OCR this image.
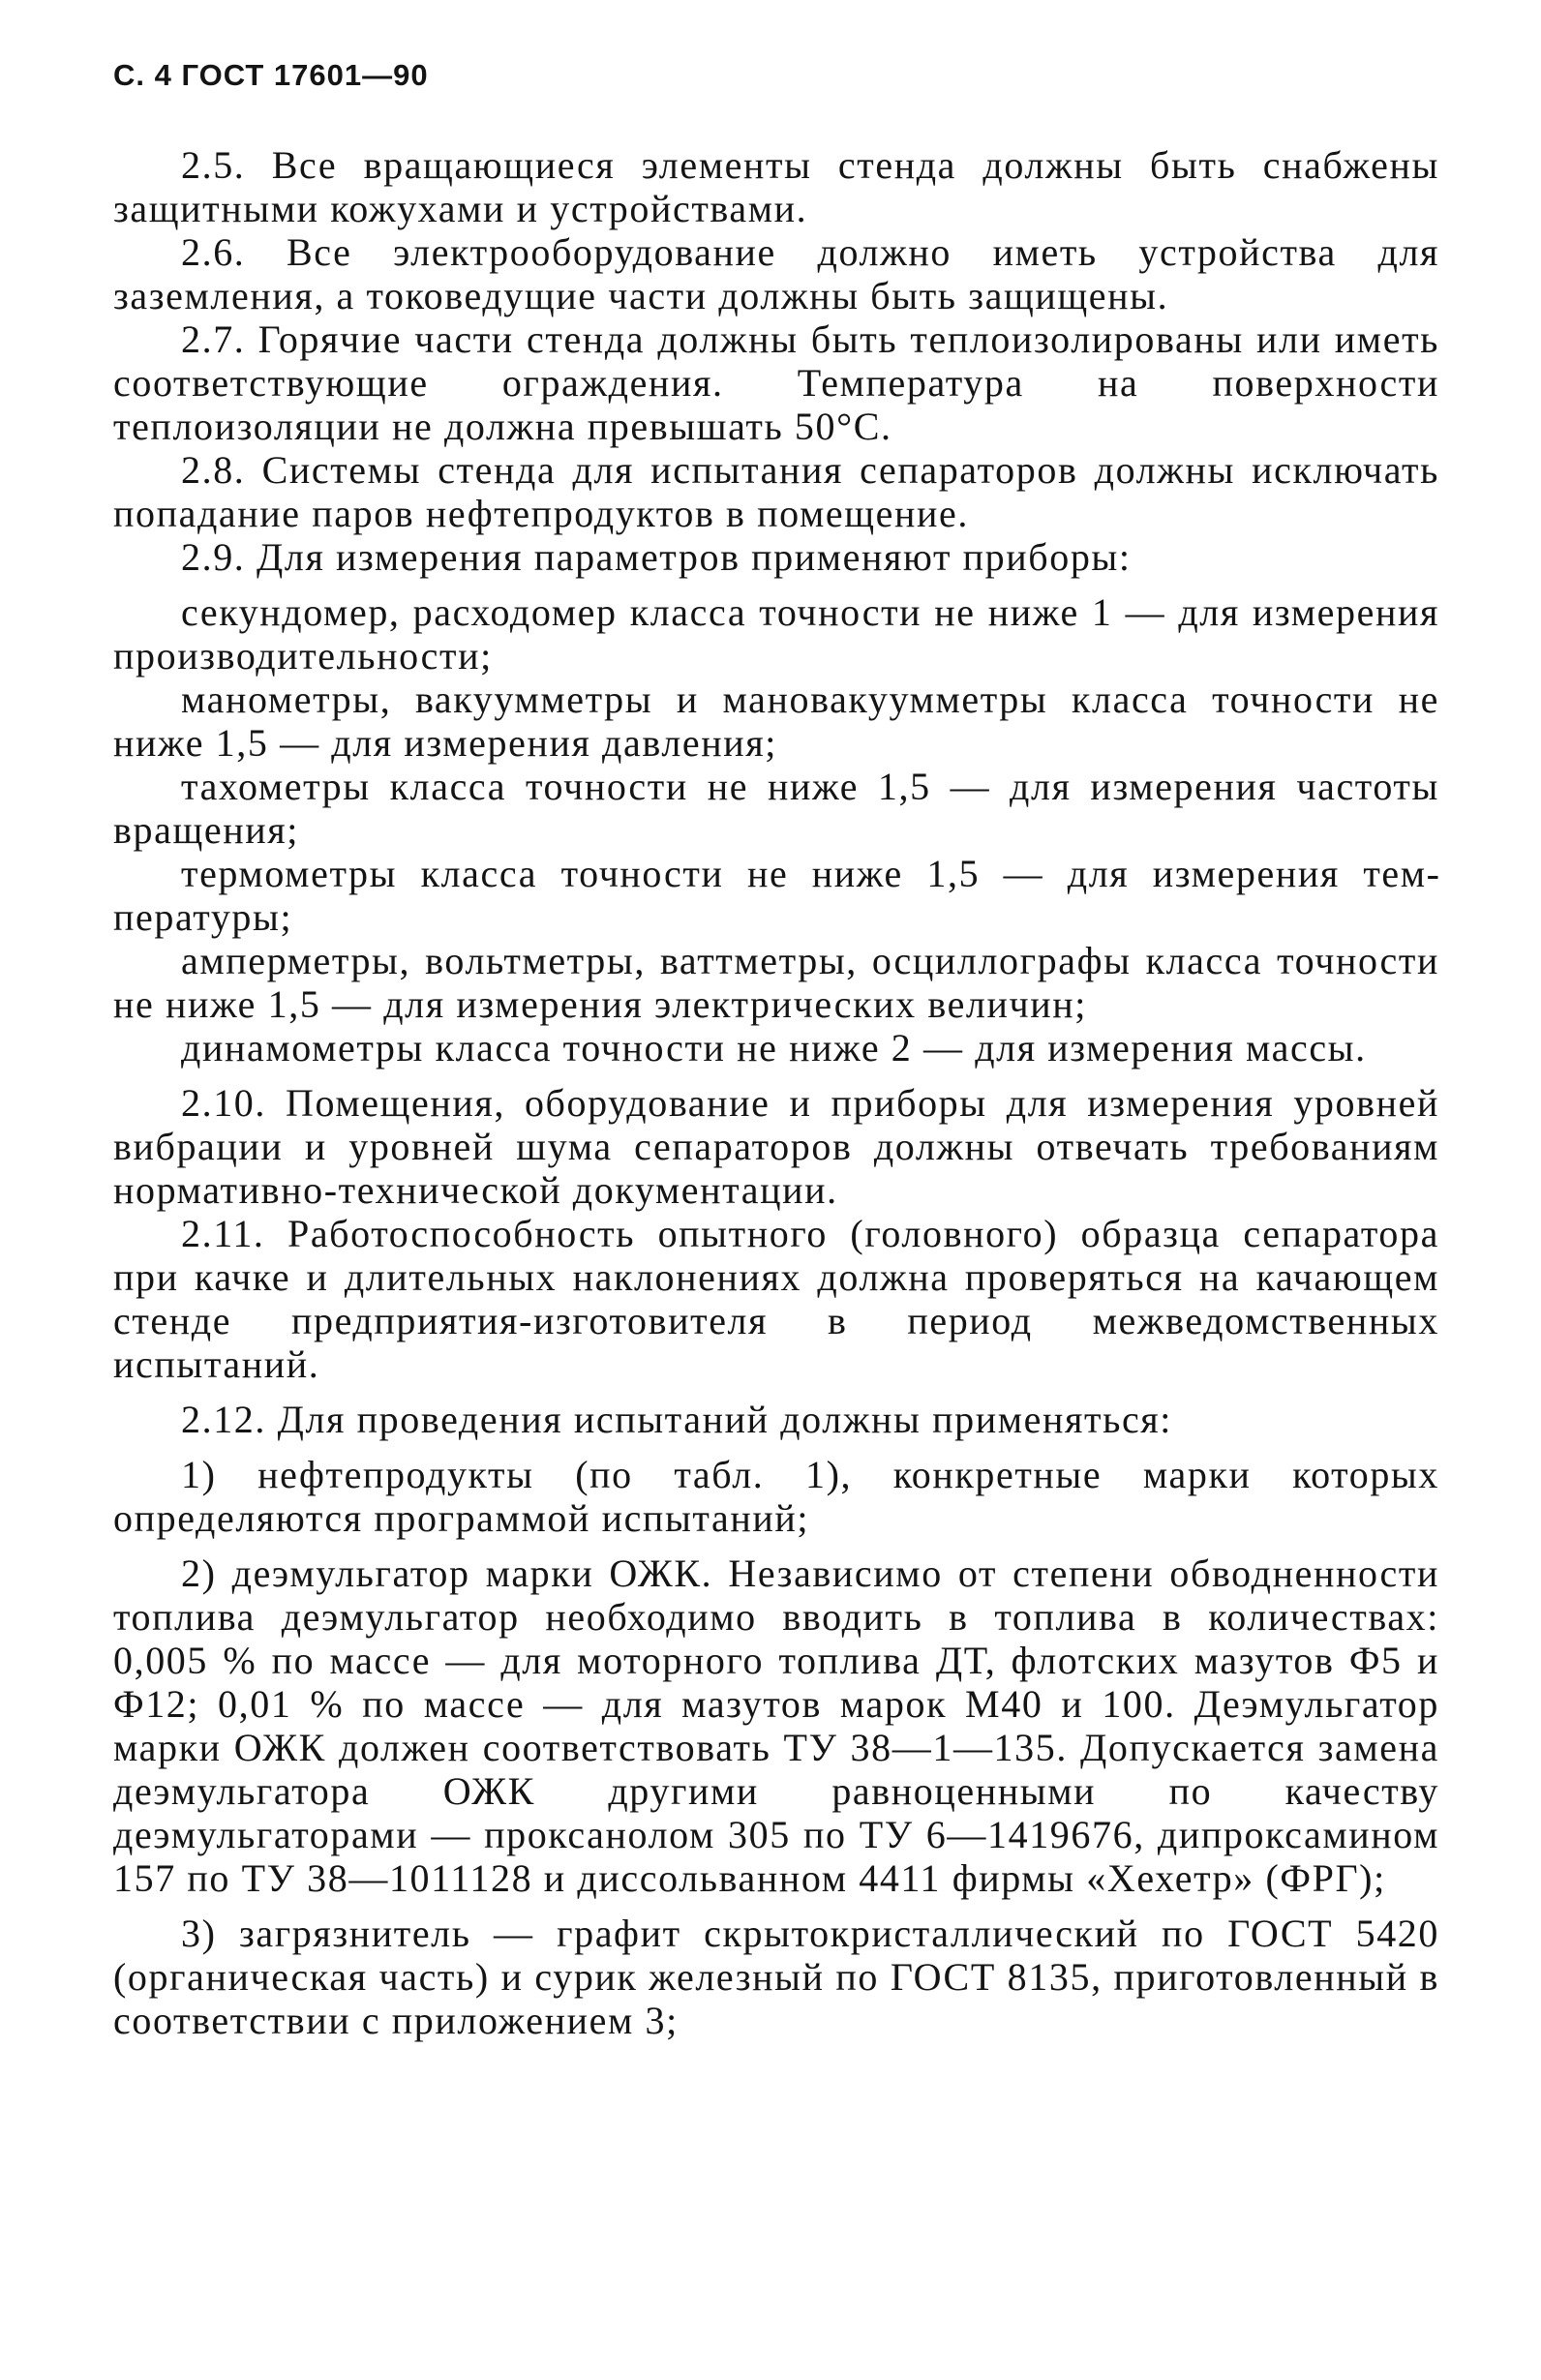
С. 4 ГОСТ 17601—90

2.5. Все вращающиеся элементы стенда должны быть снабжены защитными кожухами и устройствами.

2.6. Все электрооборудование должно иметь устройства для заземления, а токоведущие части должны быть защищены.

2.7. Горячие части стенда должны быть теплоизолированы или иметь соответствующие ограждения. Температура на поверхности теплоизоляции не должна превышать 50°С.

2.8. Системы стенда для испытания сепараторов должны исключать попадание паров нефтепродуктов в помещение.

2.9. Для измерения параметров применяют приборы:

секундомер, расходомер класса точности не ниже 1 — для измерения производительности;

манометры, вакуумметры и мановакуумметры класса точности не ниже 1,5 — для измерения давления;

тахометры класса точности не ниже 1,5 — для измерения частоты вращения;

термометры класса точности не ниже 1,5 — для измерения температуры;

амперметры, вольтметры, ваттметры, осциллографы класса точности не ниже 1,5 — для измерения электрических величин;

динамометры класса точности не ниже 2 — для измерения массы.

2.10. Помещения, оборудование и приборы для измерения уровней вибрации и уровней шума сепараторов должны отвечать требованиям нормативно-технической документации.

2.11. Работоспособность опытного (головного) образца сепаратора при качке и длительных наклонениях должна проверяться на качающем стенде предприятия-изготовителя в период межведомственных испытаний.

2.12. Для проведения испытаний должны применяться:

1) нефтепродукты (по табл. 1), конкретные марки которых определяются программой испытаний;

2) деэмульгатор марки ОЖК. Независимо от степени обводненности топлива деэмульгатор необходимо вводить в топлива в количествах: 0,005 % по массе — для моторного топлива ДТ, флотских мазутов Ф5 и Ф12; 0,01 % по массе — для мазутов марок М40 и 100. Деэмульгатор марки ОЖК должен соответствовать ТУ 38—1—135. Допускается замена деэмульгатора ОЖК другими равноценными по качеству деэмульгаторами — проксанолом 305 по ТУ 6—1419676, дипроксамином 157 по ТУ 38—1011128 и диссольванном 4411 фирмы «Хехетр» (ФРГ);

3) загрязнитель — графит скрытокристаллический по ГОСТ 5420 (органическая часть) и сурик железный по ГОСТ 8135, приготовленный в соответствии с приложением 3;
